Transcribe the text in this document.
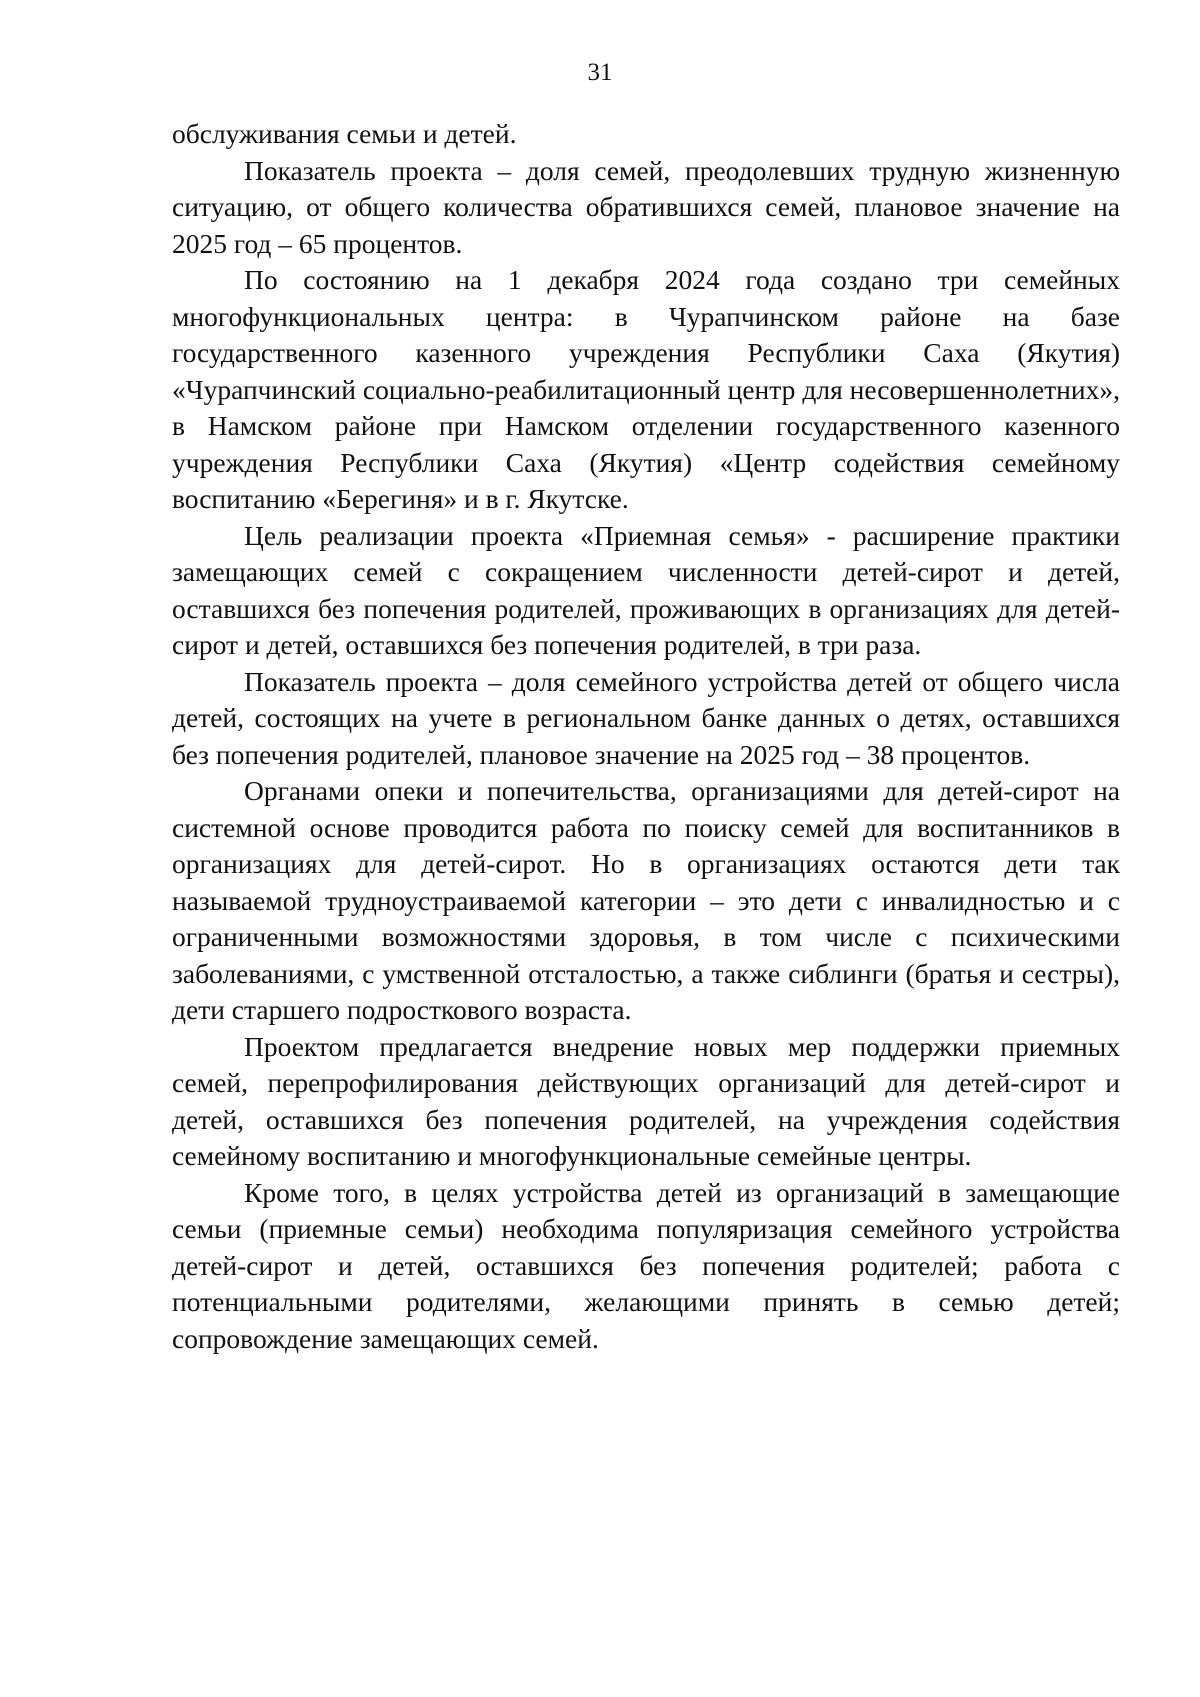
31

обслуживания семьи и детей.

Показатель проекта – доля семей, преодолевших трудную жизненную ситуацию, от общего количества обратившихся семей, плановое значение на 2025 год – 65 процентов.

По состоянию на 1 декабря 2024 года создано три семейных многофункциональных центра: в Чурапчинском районе на базе государственного казенного учреждения Республики Саха (Якутия) «Чурапчинский социально-реабилитационный центр для несовершеннолетних», в Намском районе при Намском отделении государственного казенного учреждения Республики Саха (Якутия) «Центр содействия семейному воспитанию «Берегиня» и в г. Якутске.

Цель реализации проекта «Приемная семья» - расширение практики замещающих семей с сокращением численности детей-сирот и детей, оставшихся без попечения родителей, проживающих в организациях для детей-сирот и детей, оставшихся без попечения родителей, в три раза.

Показатель проекта – доля семейного устройства детей от общего числа детей, состоящих на учете в региональном банке данных о детях, оставшихся без попечения родителей, плановое значение на 2025 год – 38 процентов.

Органами опеки и попечительства, организациями для детей-сирот на системной основе проводится работа по поиску семей для воспитанников в организациях для детей-сирот. Но в организациях остаются дети так называемой трудноустраиваемой категории – это дети с инвалидностью и с ограниченными возможностями здоровья, в том числе с психическими заболеваниями, с умственной отсталостью, а также сиблинги (братья и сестры), дети старшего подросткового возраста.

Проектом предлагается внедрение новых мер поддержки приемных семей, перепрофилирования действующих организаций для детей-сирот и детей, оставшихся без попечения родителей, на учреждения содействия семейному воспитанию и многофункциональные семейные центры.

Кроме того, в целях устройства детей из организаций в замещающие семьи (приемные семьи) необходима популяризация семейного устройства детей-сирот и детей, оставшихся без попечения родителей; работа с потенциальными родителями, желающими принять в семью детей; сопровождение замещающих семей.
